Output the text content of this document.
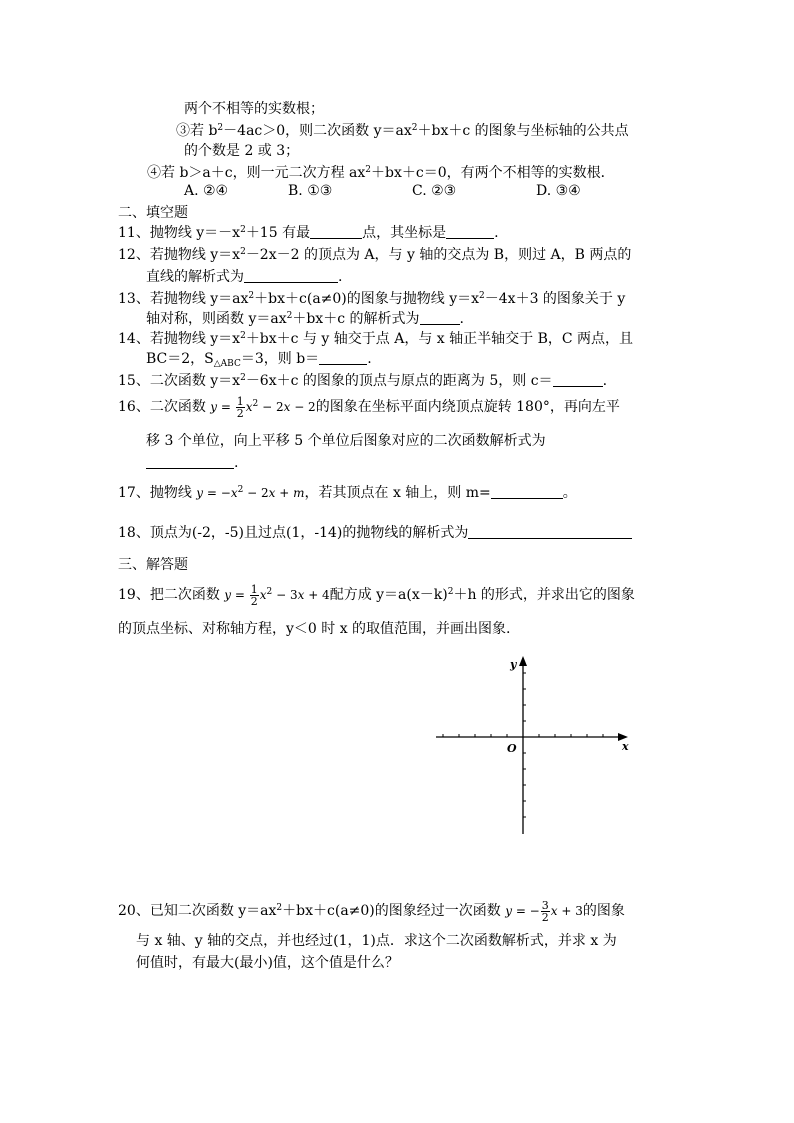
两个不相等的实数根；
③若 $b^2-4ac>0$，则二次函数 $y=ax^2+bx+c$ 的图象与坐标轴的公共点
的个数是 2 或 3；
④若 b＞a＋c，则一元二次方程 $ax^2+bx+c=0$，有两个不相等的实数根．
A. ②④	B. ①③	C. ②③	D. ③④
二、填空题
11、抛物线 $y=-x^2+15$ 有最	点，其坐标是	.
12、若抛物线 $y=x^2-2x-2$ 的顶点为 A，与 y 轴的交点为 B，则过 A，B 两点的
直线的解析式为	.
13、若抛物线 $y=ax^2+bx+c(a\ne 0)$的图象与抛物线 $y=x^2-4x+3$ 的图象关于 y
轴对称，则函数 $y=ax^2+bx+c$ 的解析式为	.
14、若抛物线 $y=x^2+bx+c$ 与 y 轴交于点 A，与 x 轴正半轴交于 B，C 两点，且
BC＝2，$S_{\triangle ABC}=3$，则 b＝	.
15、二次函数 $y=x^2-6x+c$ 的图象的顶点与原点的距离为 5，则 c＝	.
16、二次函数 $y = \frac{1}{2} x^2 - 2x - 2$的图象在坐标平面内绕顶点旋转 180°，再向左平
移 3 个单位，向上平移 5 个单位后图象对应的二次函数解析式为
.
17、抛物线 $y = -x^2 - 2x + m$，若其顶点在 x 轴上，则 m=	。
18、顶点为(-2，-5)且过点(1，-14)的抛物线的解析式为
三、解答题
19、把二次函数 $y = \frac{1}{2} x^2 - 3x + 4$配方成 $y=a(x-k)^2+h$ 的形式，并求出它的图象
的顶点坐标、对称轴方程，y＜0 时 x 的取值范围，并画出图象.
y
x
O
20、已知二次函数 $y=ax^2+bx+c(a\ne 0)$的图象经过一次函数 y = − $\frac{3}{2}$ x + 3的图象
与 x 轴、y 轴的交点，并也经过(1，1)点．求这个二次函数解析式，并求 x 为
何值时，有最大(最小)值，这个值是什么？
